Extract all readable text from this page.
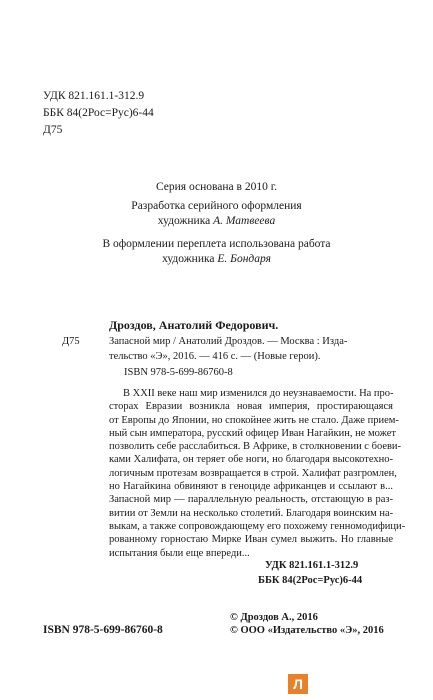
УДК 821.161.1-312.9
ББК 84(2Рос=Рус)6-44
Д75
Серия основана в 2010 г.
Разработка серийного оформления
художника А. Матвеева
В оформлении переплета использована работа
художника Е. Бондаря
Дроздов, Анатолий Федорович.
Д75	Запасной мир / Анатолий Дроздов. — Москва : Изда-
тельство «Э», 2016. — 416 с. — (Новые герои).
ISBN 978-5-699-86760-8
В XXII веке наш мир изменился до неузнаваемости. На про-
сторах Евразии возникла новая империя, простирающаяся
от Европы до Японии, но спокойнее жить не стало. Даже прием-
ный сын императора, русский офицер Иван Нагайкин, не может
позволить себе расслабиться. В Африке, в столкновении с боеви-
ками Халифата, он теряет обе ноги, но благодаря высокотехно-
логичным протезам возвращается в строй. Халифат разгромлен,
но Нагайкина обвиняют в геноциде африканцев и ссылают в...
Запасной мир — параллельную реальность, отстающую в раз-
витии от Земли на несколько столетий. Благодаря воинским на-
выкам, а также сопровождающему его похожему генномодифици-
рованному горностаю Мирке Иван сумел выжить. Но главные
испытания были еще впереди...
УДК 821.161.1-312.9
ББК 84(2Рос=Рус)6-44
ISBN 978-5-699-86760-8
© Дроздов А., 2016
© ООО «Издательство «Э», 2016
Л
